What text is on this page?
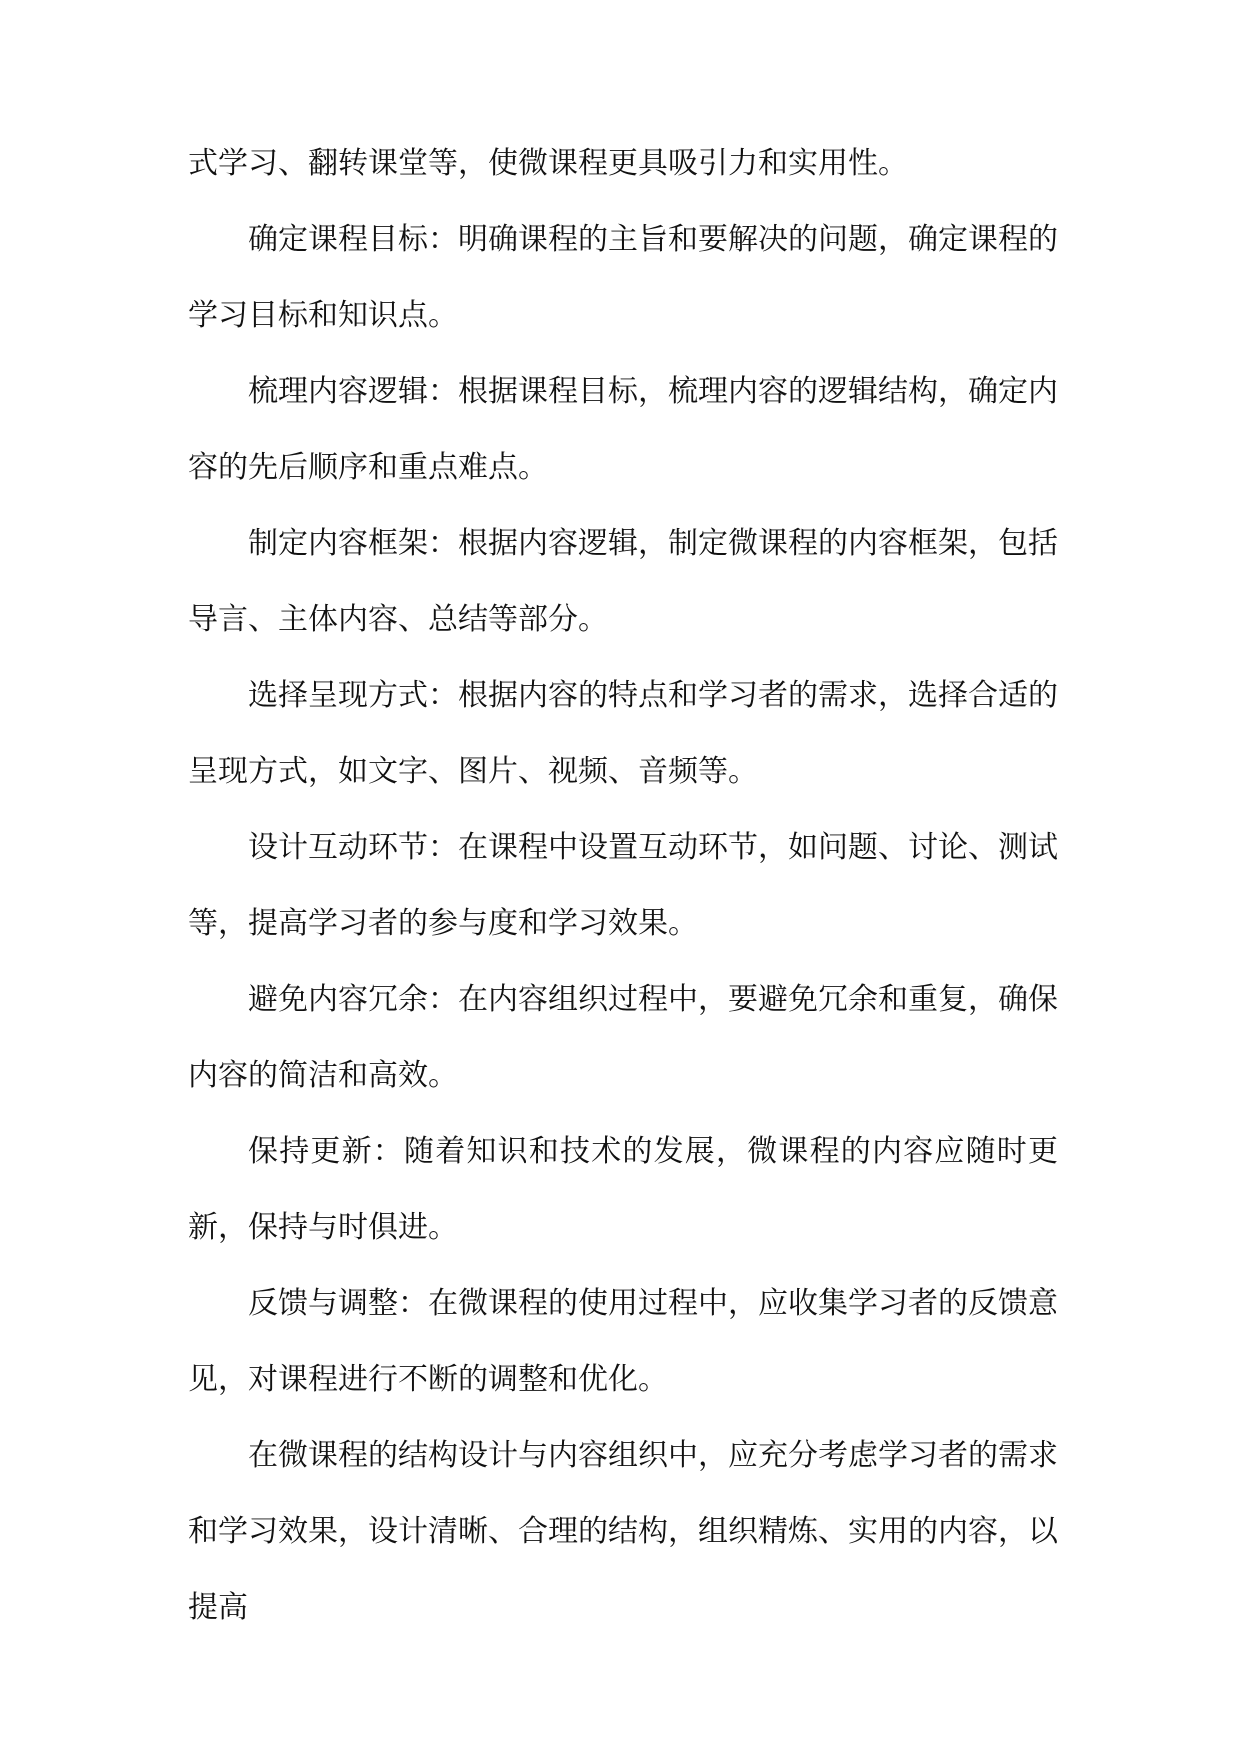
式学习、翻转课堂等，使微课程更具吸引力和实用性。

确定课程目标：明确课程的主旨和要解决的问题，确定课程的学习目标和知识点。

梳理内容逻辑：根据课程目标，梳理内容的逻辑结构，确定内容的先后顺序和重点难点。

制定内容框架：根据内容逻辑，制定微课程的内容框架，包括导言、主体内容、总结等部分。

选择呈现方式：根据内容的特点和学习者的需求，选择合适的呈现方式，如文字、图片、视频、音频等。

设计互动环节：在课程中设置互动环节，如问题、讨论、测试等，提高学习者的参与度和学习效果。

避免内容冗余：在内容组织过程中，要避免冗余和重复，确保内容的简洁和高效。

保持更新：随着知识和技术的发展，微课程的内容应随时更新，保持与时俱进。

反馈与调整：在微课程的使用过程中，应收集学习者的反馈意见，对课程进行不断的调整和优化。

在微课程的结构设计与内容组织中，应充分考虑学习者的需求和学习效果，设计清晰、合理的结构，组织精炼、实用的内容，以提高
